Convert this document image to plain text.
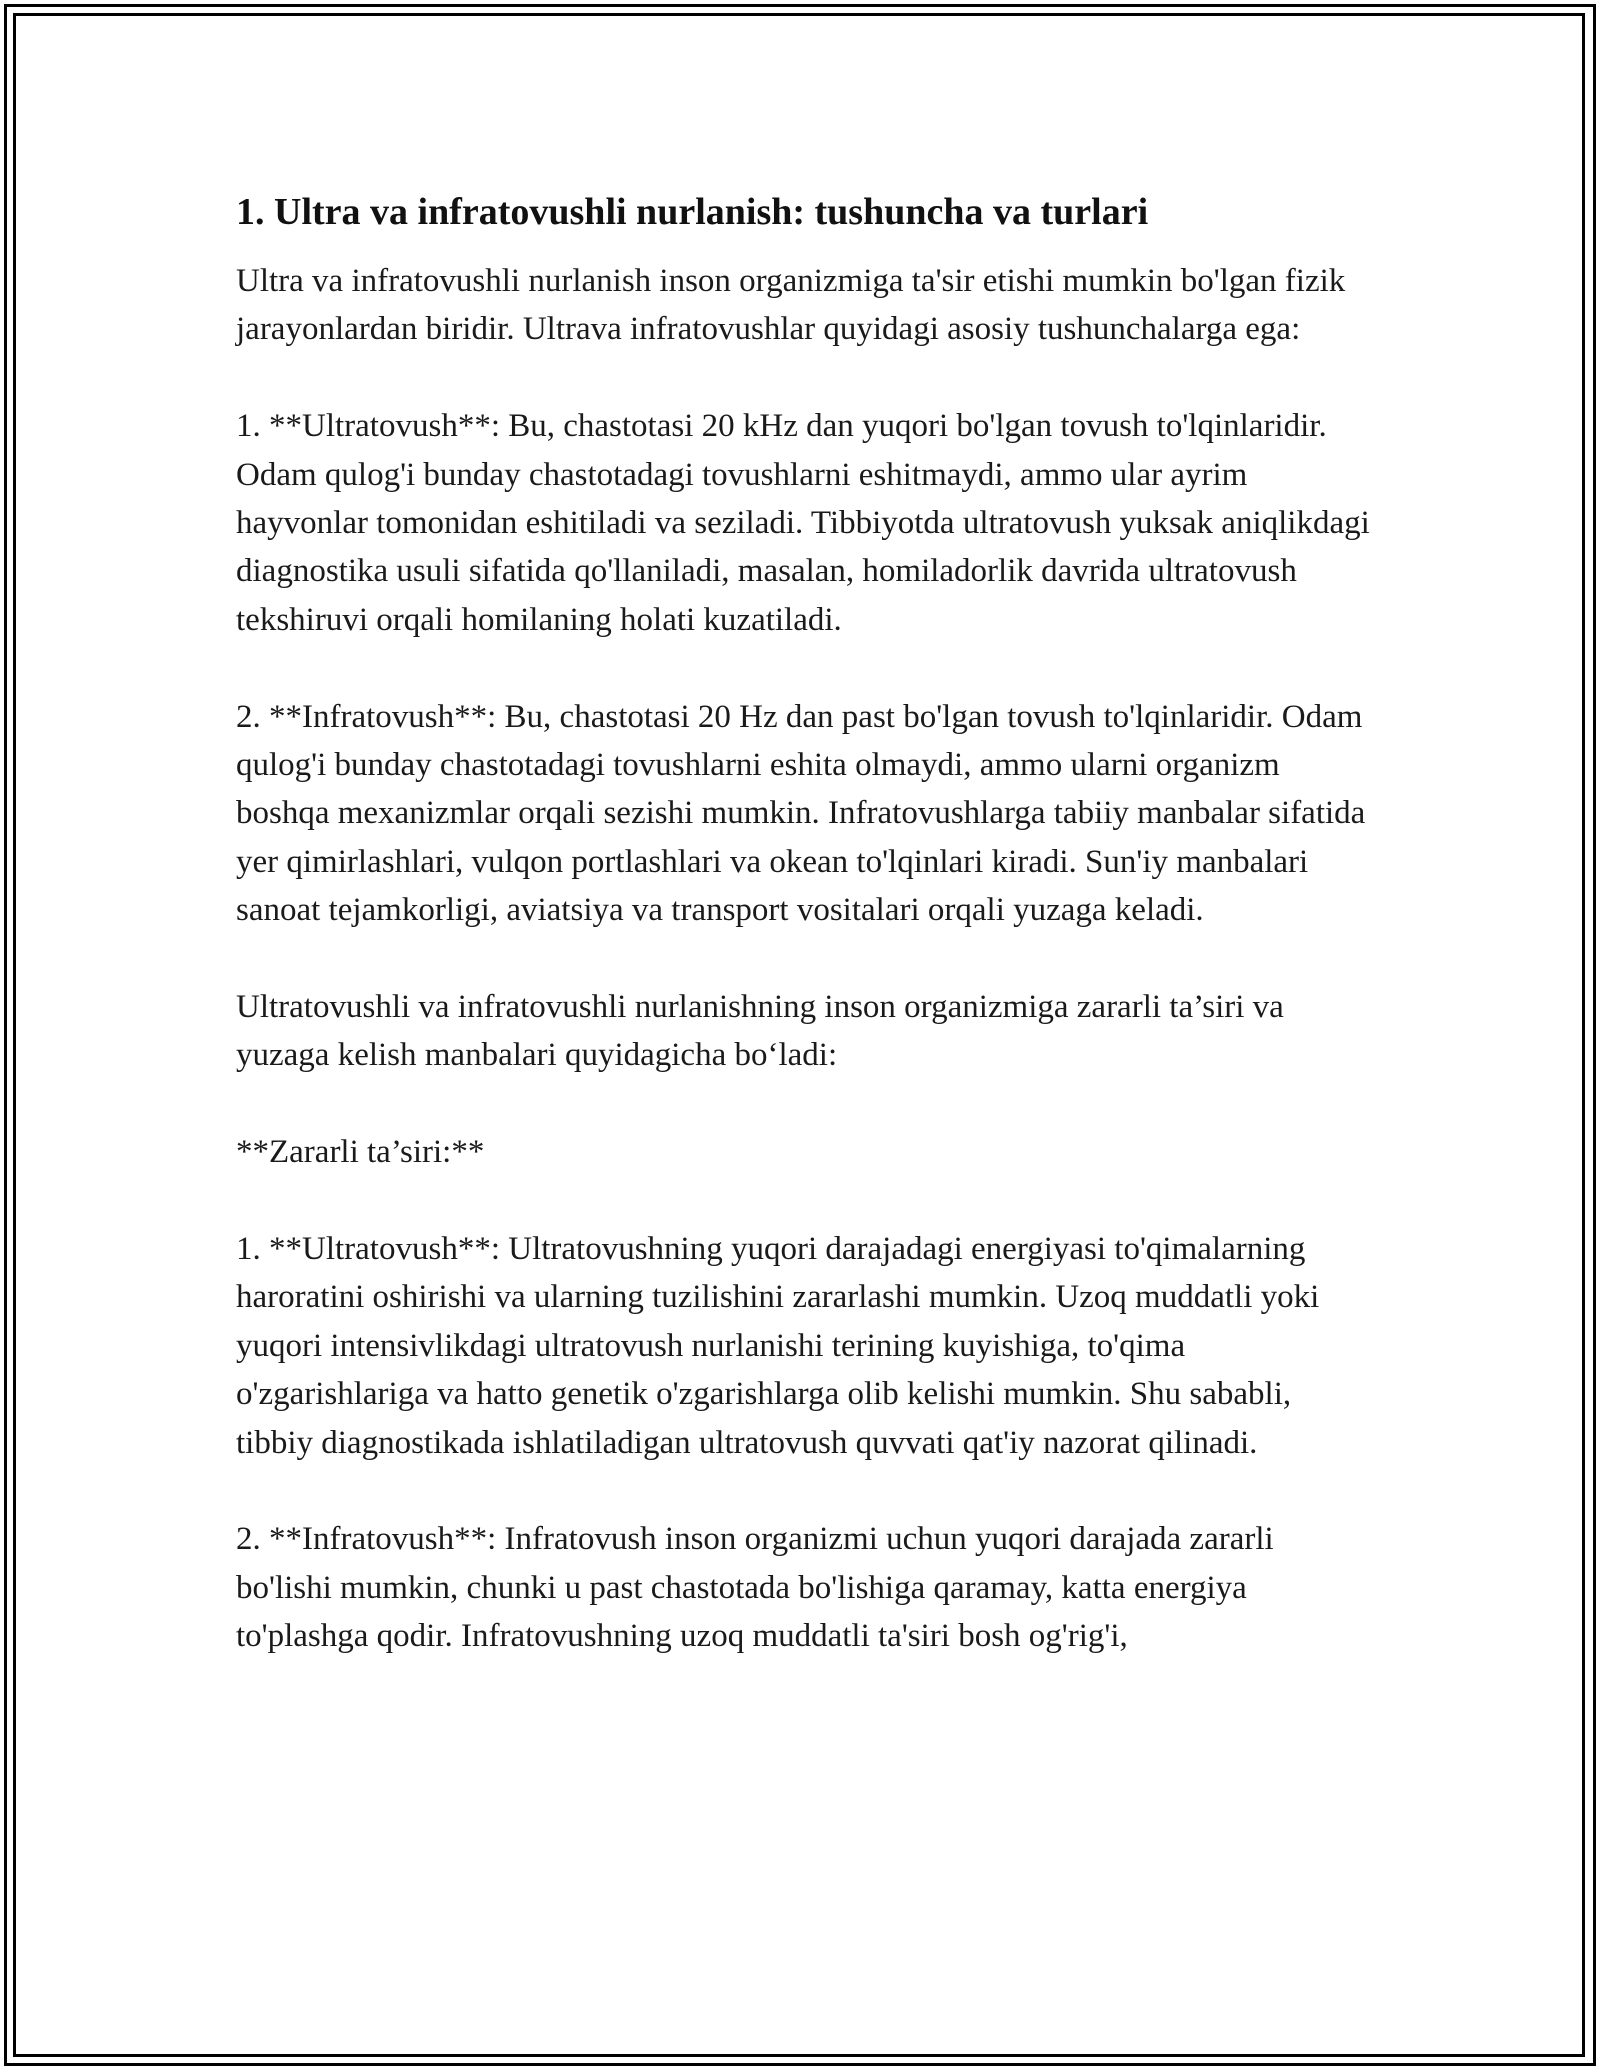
1. Ultra va infratovushli nurlanish: tushuncha va turlari

Ultra va infratovushli nurlanish inson organizmiga ta'sir etishi mumkin bo'lgan fizik jarayonlardan biridir. Ultrava infratovushlar quyidagi asosiy tushunchalarga ega:

1. **Ultratovush**: Bu, chastotasi 20 kHz dan yuqori bo'lgan tovush to'lqinlaridir. Odam qulog'i bunday chastotadagi tovushlarni eshitmaydi, ammo ular ayrim hayvonlar tomonidan eshitiladi va seziladi. Tibbiyotda ultratovush yuksak aniqlikdagi diagnostika usuli sifatida qo'llaniladi, masalan, homiladorlik davrida ultratovush tekshiruvi orqali homilaning holati kuzatiladi.

2. **Infratovush**: Bu, chastotasi 20 Hz dan past bo'lgan tovush to'lqinlaridir. Odam qulog'i bunday chastotadagi tovushlarni eshita olmaydi, ammo ularni organizm boshqa mexanizmlar orqali sezishi mumkin. Infratovushlarga tabiiy manbalar sifatida yer qimirlashlari, vulqon portlashlari va okean to'lqinlari kiradi. Sun'iy manbalari sanoat tejamkorligi, aviatsiya va transport vositalari orqali yuzaga keladi.

Ultratovushli va infratovushli nurlanishning inson organizmiga zararli ta’siri va yuzaga kelish manbalari quyidagicha bo‘ladi:

**Zararli ta’siri:**

1. **Ultratovush**: Ultratovushning yuqori darajadagi energiyasi to'qimalarning haroratini oshirishi va ularning tuzilishini zararlashi mumkin. Uzoq muddatli yoki yuqori intensivlikdagi ultratovush nurlanishi terining kuyishiga, to'qima o'zgarishlariga va hatto genetik o'zgarishlarga olib kelishi mumkin. Shu sababli, tibbiy diagnostikada ishlatiladigan ultratovush quvvati qat'iy nazorat qilinadi.

2. **Infratovush**: Infratovush inson organizmi uchun yuqori darajada zararli bo'lishi mumkin, chunki u past chastotada bo'lishiga qaramay, katta energiya to'plashga qodir. Infratovushning uzoq muddatli ta'siri bosh og'rig'i,
